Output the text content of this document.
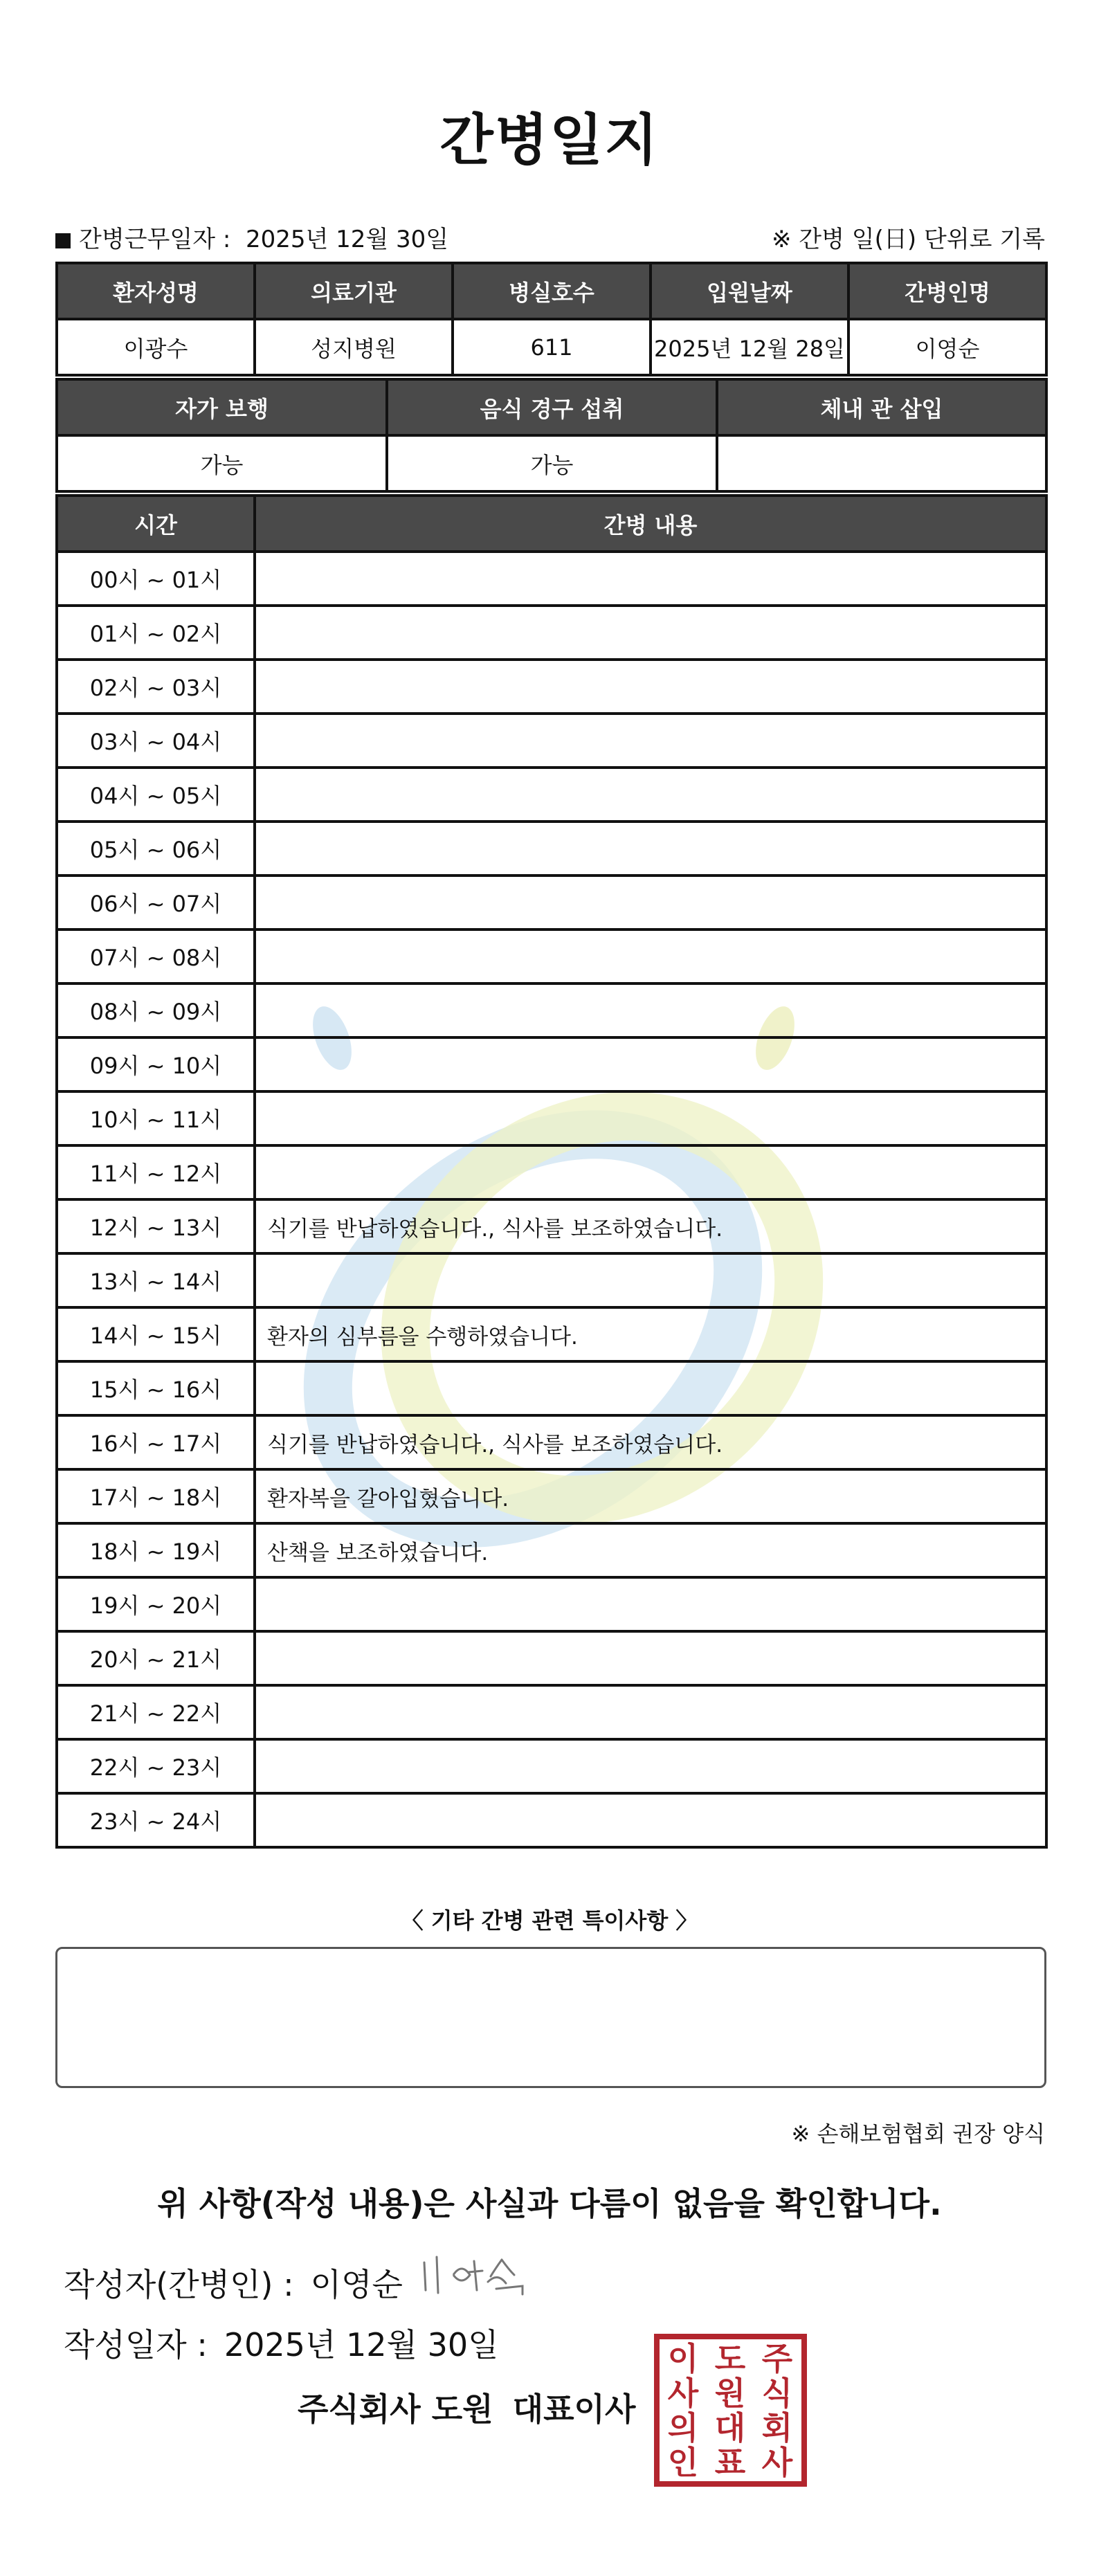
간병일지
간병근무일자 : 2025년 12월 30일	※ 간병 일(日) 단위로 기록
환자성명	의료기관	병실호수	입원날짜	간병인명
이광수	성지병원	611	2025년 12월 28일	이영순
자가 보행	음식 경구 섭취	체내 관 삽입
가능	가능	
시간	간병 내용
00시 ~ 01시	
01시 ~ 02시	
02시 ~ 03시	
03시 ~ 04시	
04시 ~ 05시	
05시 ~ 06시	
06시 ~ 07시	
07시 ~ 08시	
08시 ~ 09시	
09시 ~ 10시	
10시 ~ 11시	
11시 ~ 12시	
12시 ~ 13시	식기를 반납하였습니다., 식사를 보조하였습니다.
13시 ~ 14시	
14시 ~ 15시	환자의 심부름을 수행하였습니다.
15시 ~ 16시	
16시 ~ 17시	식기를 반납하였습니다., 식사를 보조하였습니다.
17시 ~ 18시	환자복을 갈아입혔습니다.
18시 ~ 19시	산책을 보조하였습니다.
19시 ~ 20시	
20시 ~ 21시	
21시 ~ 22시	
22시 ~ 23시	
23시 ~ 24시	
〈 기타 간병 관련 특이사항 〉
※ 손해보험협회 권장 양식
위 사항(작성 내용)은 사실과 다름이 없음을 확인합니다.
작성자(간병인) : 이영순
작성일자 : 2025년 12월 30일
주식회사 도원 대표이사
주
식
회
사
도
원
대
표
이
사
의
인
